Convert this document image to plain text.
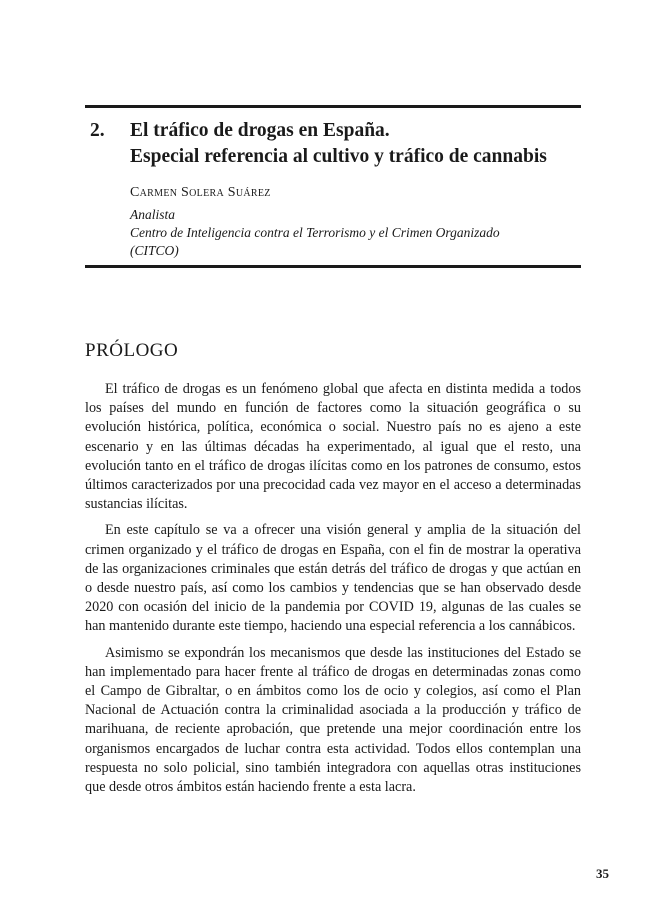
2. El tráfico de drogas en España.
Especial referencia al cultivo y tráfico de cannabis
Carmen Solera Suárez
Analista
Centro de Inteligencia contra el Terrorismo y el Crimen Organizado
(CITCO)
PRÓLOGO

El tráfico de drogas es un fenómeno global que afecta en distinta medida a todos los países del mundo en función de factores como la situación geográfica o su evolución histórica, política, económica o social. Nuestro país no es ajeno a este escenario y en las últimas décadas ha experimentado, al igual que el resto, una evolución tanto en el tráfico de drogas ilícitas como en los patrones de consumo, estos últimos caracterizados por una precocidad cada vez mayor en el acceso a determinadas sustancias ilícitas.

En este capítulo se va a ofrecer una visión general y amplia de la situación del crimen organizado y el tráfico de drogas en España, con el fin de mostrar la operativa de las organizaciones criminales que están detrás del tráfico de drogas y que actúan en o desde nuestro país, así como los cambios y tendencias que se han observado desde 2020 con ocasión del inicio de la pandemia por COVID 19, algunas de las cuales se han mantenido durante este tiempo, haciendo una especial referencia a los cannábicos.

Asimismo se expondrán los mecanismos que desde las instituciones del Estado se han implementado para hacer frente al tráfico de drogas en determinadas zonas como el Campo de Gibraltar, o en ámbitos como los de ocio y colegios, así como el Plan Nacional de Actuación contra la criminalidad asociada a la producción y tráfico de marihuana, de reciente aprobación, que pretende una mejor coordinación entre los organismos encargados de luchar contra esta actividad. Todos ellos contemplan una respuesta no solo policial, sino también integradora con aquellas otras instituciones que desde otros ámbitos están haciendo frente a esta lacra.

35
